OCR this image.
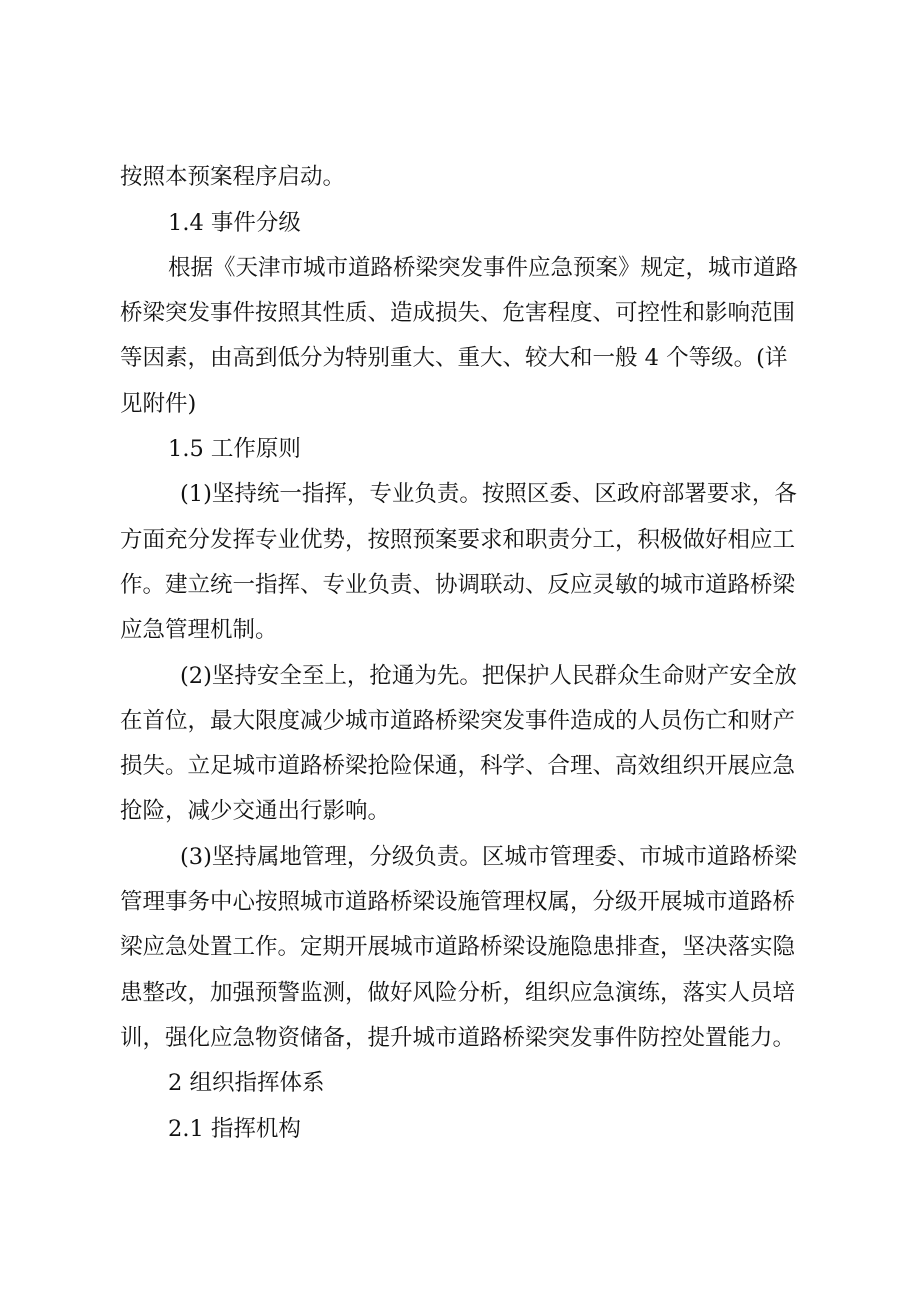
按照本预案程序启动。
1.4 事件分级
根据《天津市城市道路桥梁突发事件应急预案》规定，城市道路
桥梁突发事件按照其性质、造成损失、危害程度、可控性和影响范围
等因素，由高到低分为特别重大、重大、较大和一般 4 个等级。(详
见附件)
1.5 工作原则
(1)坚持统一指挥，专业负责。按照区委、区政府部署要求，各
方面充分发挥专业优势，按照预案要求和职责分工，积极做好相应工
作。建立统一指挥、专业负责、协调联动、反应灵敏的城市道路桥梁
应急管理机制。
(2)坚持安全至上，抢通为先。把保护人民群众生命财产安全放
在首位，最大限度减少城市道路桥梁突发事件造成的人员伤亡和财产
损失。立足城市道路桥梁抢险保通，科学、合理、高效组织开展应急
抢险，减少交通出行影响。
(3)坚持属地管理，分级负责。区城市管理委、市城市道路桥梁
管理事务中心按照城市道路桥梁设施管理权属，分级开展城市道路桥
梁应急处置工作。定期开展城市道路桥梁设施隐患排查，坚决落实隐
患整改，加强预警监测，做好风险分析，组织应急演练，落实人员培
训，强化应急物资储备，提升城市道路桥梁突发事件防控处置能力。
2 组织指挥体系
2.1 指挥机构
